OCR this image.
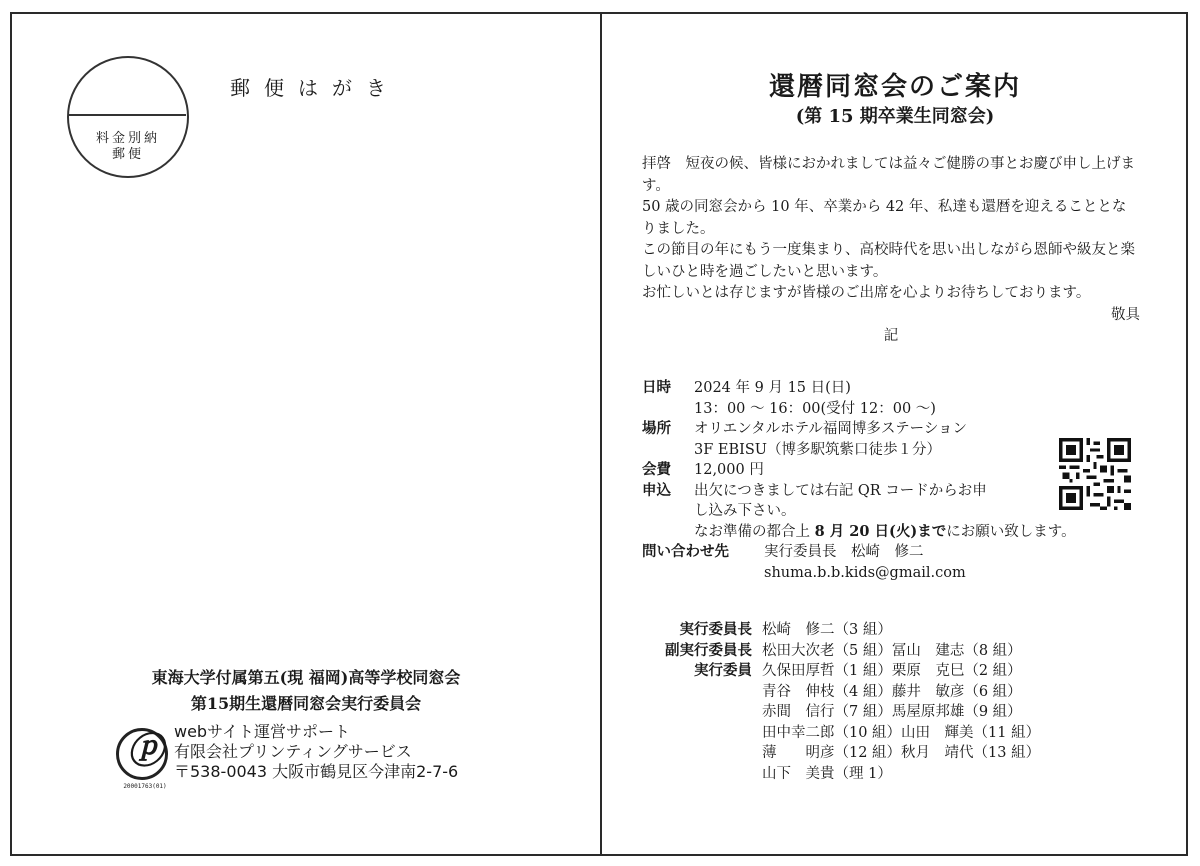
料金別納
郵便
郵便はがき
東海大学付属第五(現 福岡)高等学校同窓会
第15期生還暦同窓会実行委員会
ⓟ
20001763(01)
webサイト運営サポート
有限会社プリンティングサービス
〒538-0043 大阪市鶴見区今津南2-7-6
還暦同窓会のご案内
(第 15 期卒業生同窓会)

拝啓　短夜の候、皆様におかれましては益々ご健勝の事とお慶び申し上げます。

50 歳の同窓会から 10 年、卒業から 42 年、私達も還暦を迎えることとなりました。

この節目の年にもう一度集まり、高校時代を思い出しながら恩師や級友と楽しいひと時を過ごしたいと思います。

お忙しいとは存じますが皆様のご出席を心よりお待ちしております。

敬具

記

日時	2024 年 9 月 15 日(日)
13：00 ～ 16：00(受付 12：00 ～)
場所	オリエンタルホテル福岡博多ステーション
3F EBISU（博多駅筑紫口徒歩１分）
会費	12,000 円
申込	出欠につきましては右記 QR コードからお申
し込み下さい。
なお準備の都合上 8 月 20 日(火)までにお願い致します。
問い合わせ先	実行委員長　松崎　修二
shuma.b.b.kids@gmail.com
実行委員長 松崎　修二（3 組）
副実行委員長 松田大次老（5 組）冨山　建志（8 組）
実行委員 久保田厚哲（1 組）栗原　克巳（2 組）
青谷　伸枝（4 組）藤井　敏彦（6 組）
赤間　信行（7 組）馬屋原邦雄（9 組）
田中幸二郎（10 組）山田　輝美（11 組）
薄　　明彦（12 組）秋月　靖代（13 組）
山下　美貴（理 1）
